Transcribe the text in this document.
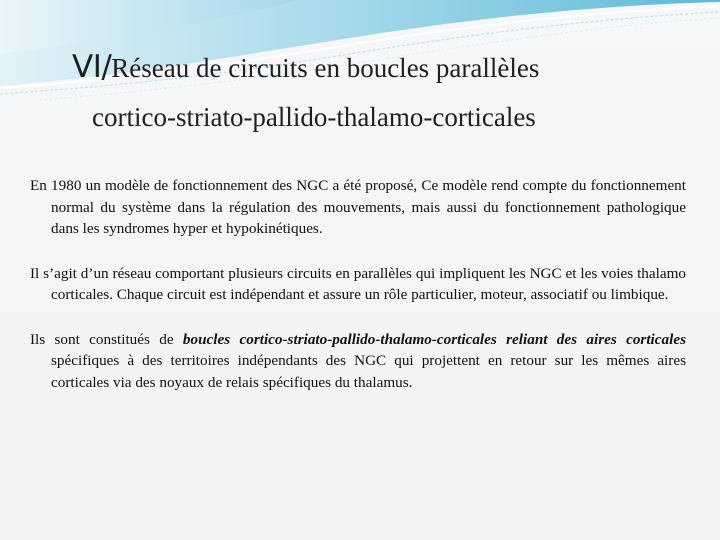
VI/Réseau de circuits en boucles parallèles
cortico-striato-pallido-thalamo-corticales

En 1980 un modèle de fonctionnement des NGC a été proposé, Ce modèle rend compte du fonctionnement normal du système dans la régulation des mouvements, mais aussi du fonctionnement pathologique dans les syndromes hyper et hypokinétiques.

Il s’agit d’un réseau comportant plusieurs circuits en parallèles qui impliquent les NGC et les voies thalamo corticales. Chaque circuit est indépendant et assure un rôle particulier, moteur, associatif ou limbique.

Ils sont constitués de boucles cortico-striato-pallido-thalamo-corticales reliant des aires corticales spécifiques à des territoires indépendants des NGC qui projettent en retour sur les mêmes aires corticales via des noyaux de relais spécifiques du thalamus.
